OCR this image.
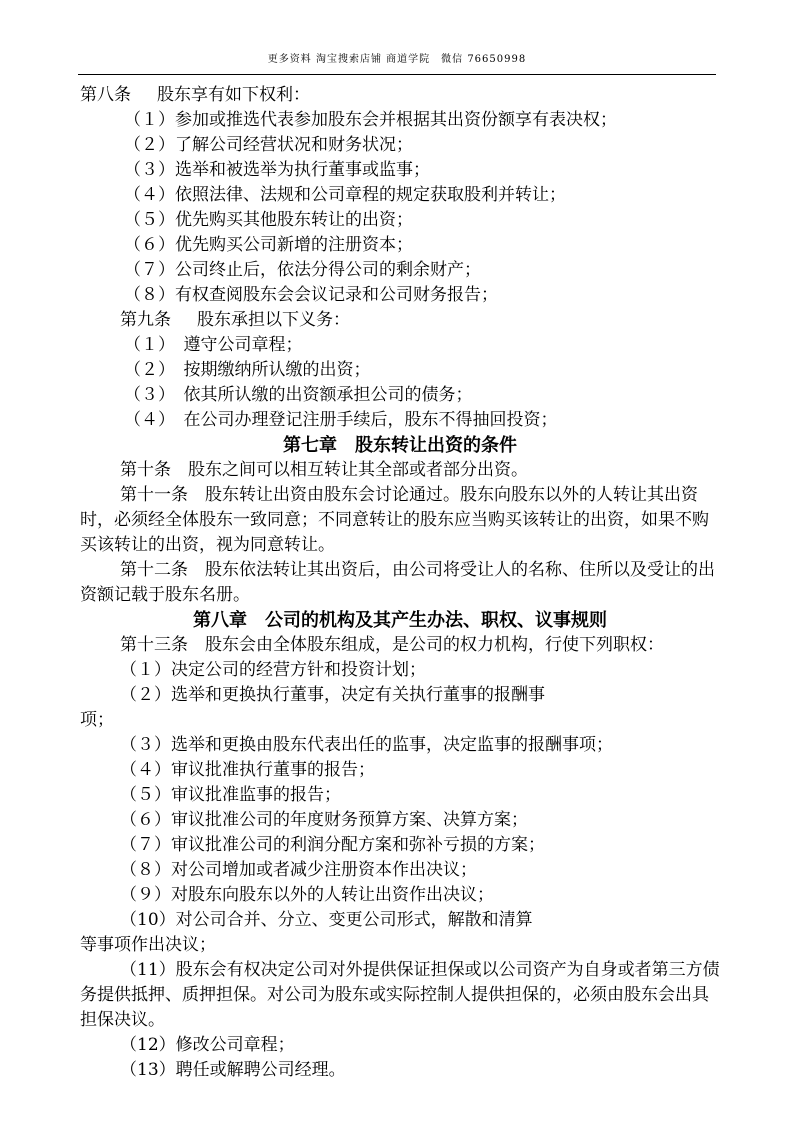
更多资料 淘宝搜索店铺 商道学院　微信 76650998
第八条 股东享有如下权利：
（１）参加或推选代表参加股东会并根据其出资份额享有表决权；
（２）了解公司经营状况和财务状况；
（３）选举和被选举为执行董事或监事；
（４）依照法律、法规和公司章程的规定获取股利并转让；
（５）优先购买其他股东转让的出资；
（６）优先购买公司新增的注册资本；
（７）公司终止后，依法分得公司的剩余财产；
（８）有权查阅股东会会议记录和公司财务报告；
第九条 股东承担以下义务：
（１）　遵守公司章程；
（２）　按期缴纳所认缴的出资；
（３）　依其所认缴的出资额承担公司的债务；
（４）　在公司办理登记注册手续后，股东不得抽回投资；
第七章　股东转让出资的条件
第十条　股东之间可以相互转让其全部或者部分出资。
第十一条　股东转让出资由股东会讨论通过。股东向股东以外的人转让其出资时，必须经全体股东一致同意；不同意转让的股东应当购买该转让的出资，如果不购买该转让的出资，视为同意转让。
第十二条　股东依法转让其出资后，由公司将受让人的名称、住所以及受让的出资额记载于股东名册。
第八章　公司的机构及其产生办法、职权、议事规则
第十三条　股东会由全体股东组成，是公司的权力机构，行使下列职权：
（１）决定公司的经营方针和投资计划；
（２）选举和更换执行董事，决定有关执行董事的报酬事
项；
（３）选举和更换由股东代表出任的监事，决定监事的报酬事项；
（４）审议批准执行董事的报告；
（５）审议批准监事的报告；
（６）审议批准公司的年度财务预算方案、决算方案；
（７）审议批准公司的利润分配方案和弥补亏损的方案；
（８）对公司增加或者减少注册资本作出决议；
（９）对股东向股东以外的人转让出资作出决议；
（10）对公司合并、分立、变更公司形式，解散和清算
等事项作出决议；
（11）股东会有权决定公司对外提供保证担保或以公司资产为自身或者第三方债务提供抵押、质押担保。对公司为股东或实际控制人提供担保的，必须由股东会出具担保决议。
（12）修改公司章程；
（13）聘任或解聘公司经理。
